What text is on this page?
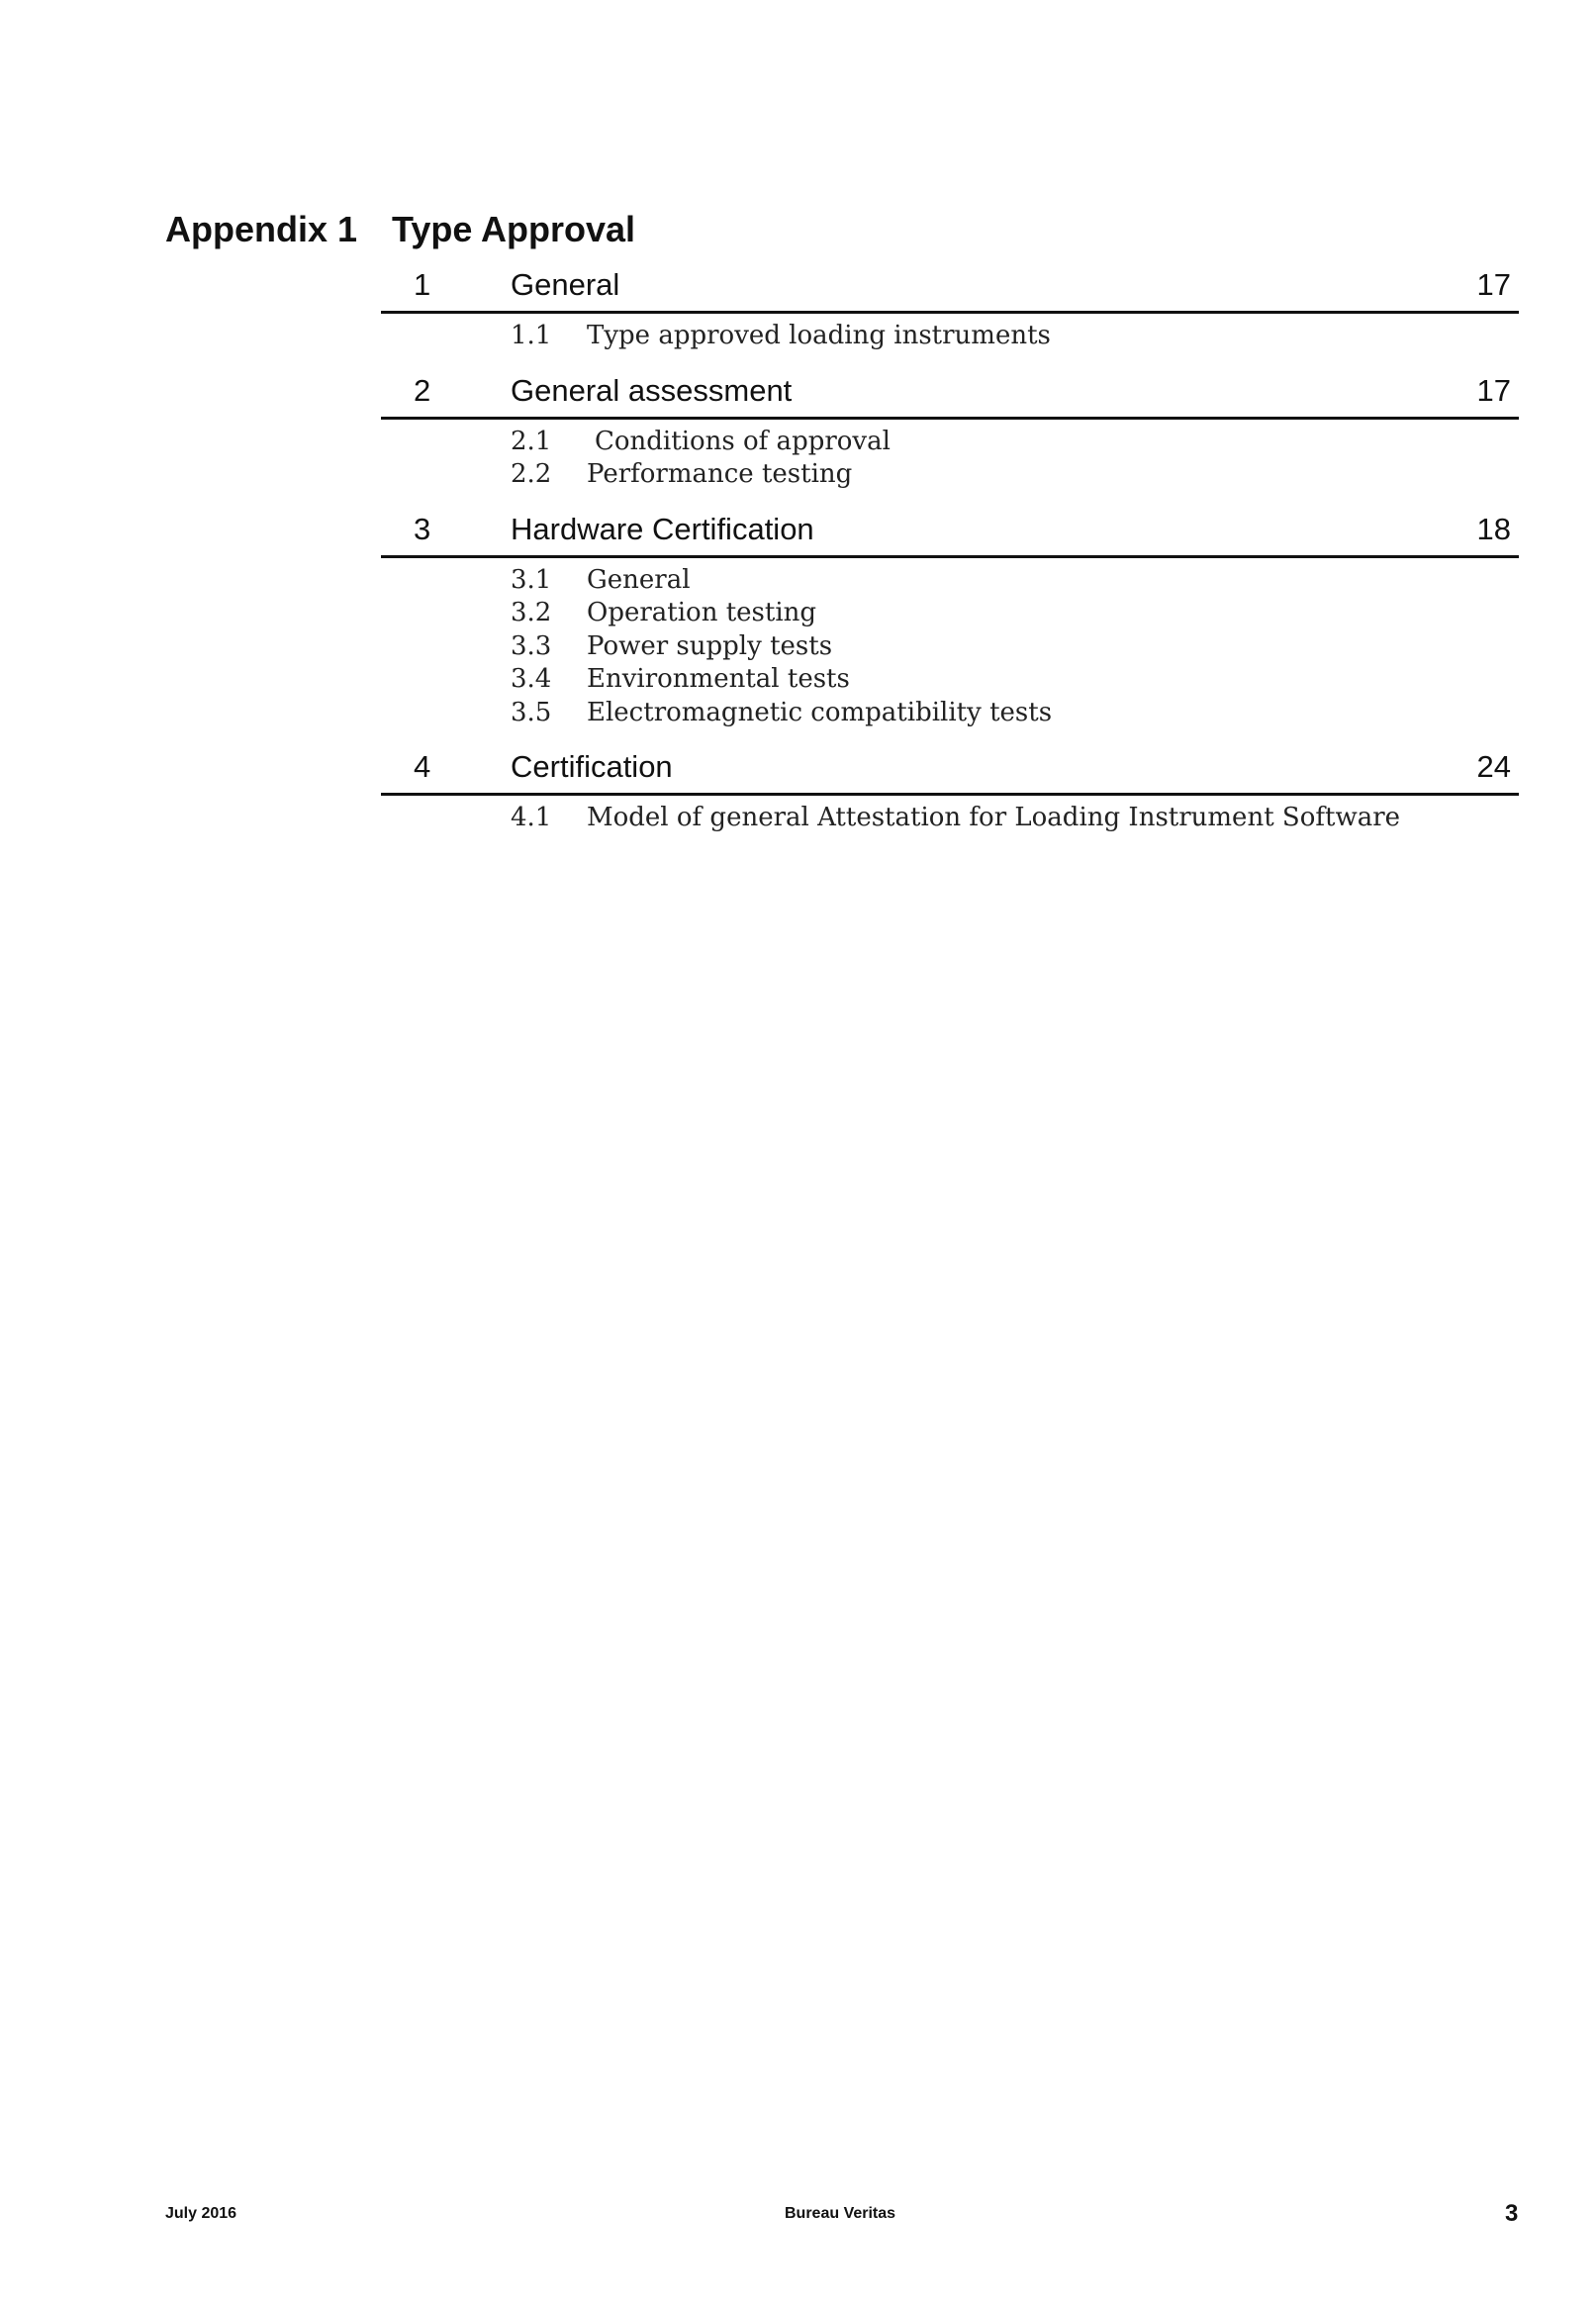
Appendix 1 Type Approval
1	General	17
1.1 Type approved loading instruments
2	General assessment	17
2.1 Conditions of approval
2.2 Performance testing
3	Hardware Certification	18
3.1 General
3.2 Operation testing
3.3 Power supply tests
3.4 Environmental tests
3.5 Electromagnetic compatibility tests
4	Certification	24
4.1 Model of general Attestation for Loading Instrument Software
July 2016	Bureau Veritas	3
